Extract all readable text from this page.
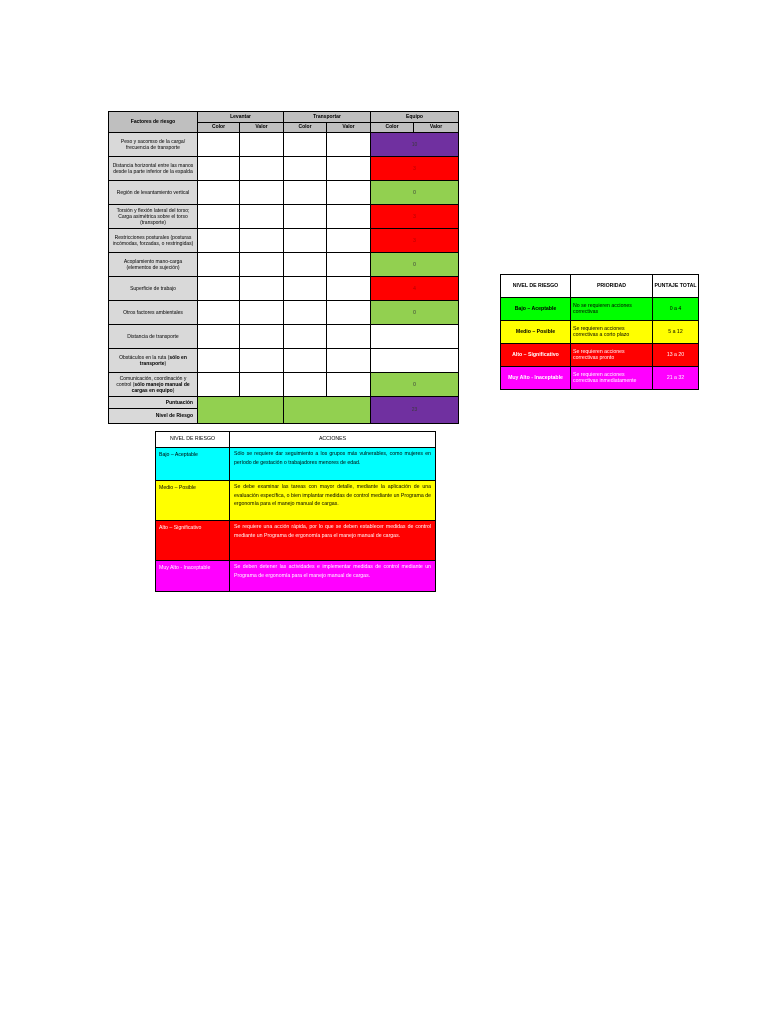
Factores de riesgo	Levantar		Transportar		Equipo	
	Color	Valor	Color	Valor	Color	Valor
Peso y sacomso de la carga/ frecuencia de transporte					10	
Distancia horizontal entre las manos desde la parte inferior de la espalda					3	
Región de levantamiento vertical					0	
Torsión y flexión lateral del torso; Carga asimétrica sobre el torso (transporte)					3	
Restricciones posturales (posturas incómodas, forzadas, o restringidas)					3	
Acoplamiento mano-carga (elementos de sujeción)					0	
Superficie de trabajo					4	
Otros factores ambientales					0	
Distancia de transporte						
Obstáculos en la ruta (sólo en transporte)						
Comunicación, coordinación y control (sólo manejo manual de cargas en equipo)					0	
Puntuación					23	
Nivel de Riesgo						
NIVEL DE RIESGO	PRIORIDAD	PUNTAJE TOTAL
Bajo – Aceptable	No se requieren acciones correctivas	0 a 4
Medio – Posible	Se requieren acciones correctivas a corto plazo	5 a 12
Alto – Significativo	Se requieren acciones correctivas pronto	13 a 20
Muy Alto - Inaceptable	Se requieren acciones correctivas inmediatamente	21 a 32
NIVEL DE RIESGO	ACCIONES
Bajo – Aceptable	Sólo se requiere dar seguimiento a los grupos más vulnerables, como mujeres en período de gestación o trabajadores menores de edad.
Medio – Posible	Se debe examinar las tareas con mayor detalle, mediante la aplicación de una evaluación específica, o bien implantar medidas de control mediante un Programa de ergonomía para el manejo manual de cargas.
Alto – Significativo	Se requiere una acción rápida, por lo que se deben establecer medidas de control mediante un Programa de ergonomía para el manejo manual de cargas.
Muy Alto - Inaceptable	Se deben detener las actividades e implementar medidas de control mediante un Programa de ergonomía para el manejo manual de cargas.
